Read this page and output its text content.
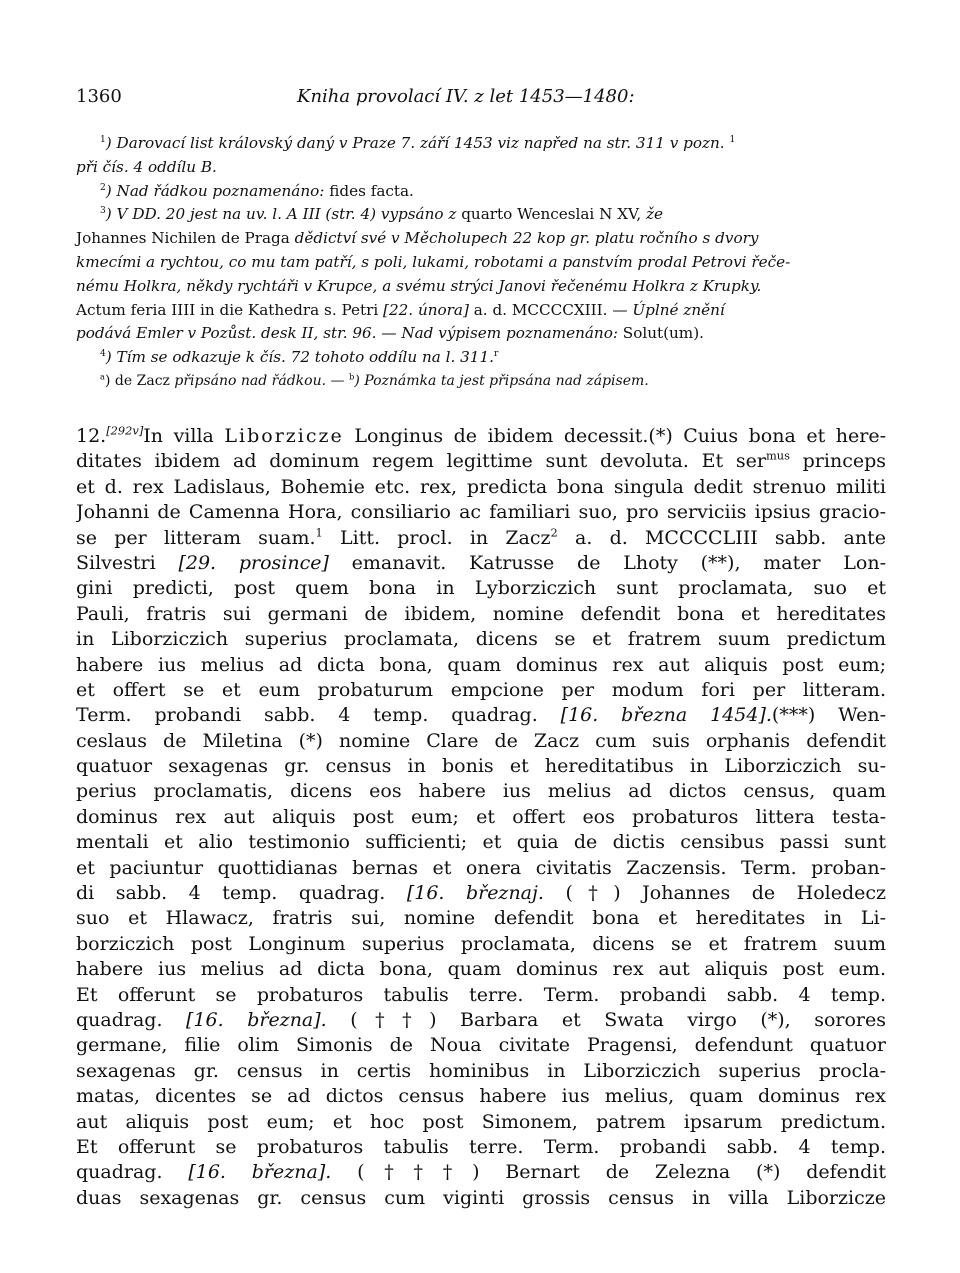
1360	Kniha provolací IV. z let 1453—1480:
$^1$) Darovací list královský daný v Praze 7. září 1453 viz napřed na str. 311 v pozn. $^1$
při čís. 4 oddílu B.
$^2$) Nad řádkou poznamenáno: fides facta.
$^3$) V DD. 20 jest na uv. l. A III (str. 4) vypsáno z quarto Wenceslai N XV, že
Johannes Nichilen de Praga dědictví své v Měcholupech 22 kop gr. platu ročního s dvory
kmecími a rychtou, co mu tam patří, s poli, lukami, robotami a panstvím prodal Petrovi řeče-
nému Holkra, někdy rychtáři v Krupce, a svému strýci Janovi řečenému Holkra z Krupky.
Actum feria IIII in die Kathedra s. Petri [22. února] a. d. MCCCCXIII. — Úplné znění
podává Emler v Pozůst. desk II, str. 96. — Nad výpisem poznamenáno: Solut(um).
$^4$) Tím se odkazuje k čís. 72 tohoto oddílu na l. 311.$^r$
$^a$) de Zacz připsáno nad řádkou. — $^b$) Poznámka ta jest připsána nad zápisem.
12.[292v]In villa Liborzicze Longinus de ibidem decessit.(*) Cuius bona et here-
ditates ibidem ad dominum regem legittime sunt devoluta. Et ser$^{mus}$ princeps
et d. rex Ladislaus, Bohemie etc. rex, predicta bona singula dedit strenuo militi
Johanni de Camenna Hora, consiliario ac familiari suo, pro serviciis ipsius gracio-
se per litteram suam.$^1$ Litt. procl. in Zacz$^2$ a. d. MCCCCLIII sabb. ante
Silvestri [29. prosince] emanavit. Katrusse de Lhoty (**), mater Lon-
gini predicti, post quem bona in Lyborziczich sunt proclamata, suo et
Pauli, fratris sui germani de ibidem, nomine defendit bona et hereditates
in Liborziczich superius proclamata, dicens se et fratrem suum predictum
habere ius melius ad dicta bona, quam dominus rex aut aliquis post eum;
et offert se et eum probaturum empcione per modum fori per litteram.
Term. probandi sabb. 4 temp. quadrag. [16. března 1454].(***) Wen-
ceslaus de Miletina (*) nomine Clare de Zacz cum suis orphanis defendit
quatuor sexagenas gr. census in bonis et hereditatibus in Liborziczich su-
perius proclamatis, dicens eos habere ius melius ad dictos census, quam
dominus rex aut aliquis post eum; et offert eos probaturos littera testa-
mentali et alio testimonio sufficienti; et quia de dictis censibus passi sunt
et paciuntur quottidianas bernas et onera civitatis Zaczensis. Term. proban-
di sabb. 4 temp. quadrag. [16. březnaj. (†) Johannes de Holedecz
suo et Hlawacz, fratris sui, nomine defendit bona et hereditates in Li-
borziczich post Longinum superius proclamata, dicens se et fratrem suum
habere ius melius ad dicta bona, quam dominus rex aut aliquis post eum.
Et offerunt se probaturos tabulis terre. Term. probandi sabb. 4 temp.
quadrag. [16. března]. (††) Barbara et Swata virgo (*), sorores
germane, filie olim Simonis de Noua civitate Pragensi, defendunt quatuor
sexagenas gr. census in certis hominibus in Liborziczich superius procla-
matas, dicentes se ad dictos census habere ius melius, quam dominus rex
aut aliquis post eum; et hoc post Simonem, patrem ipsarum predictum.
Et offerunt se probaturos tabulis terre. Term. probandi sabb. 4 temp.
quadrag. [16. března]. (†††) Bernart de Zelezna (*) defendit
duas sexagenas gr. census cum viginti grossis census in villa Liborzicze
